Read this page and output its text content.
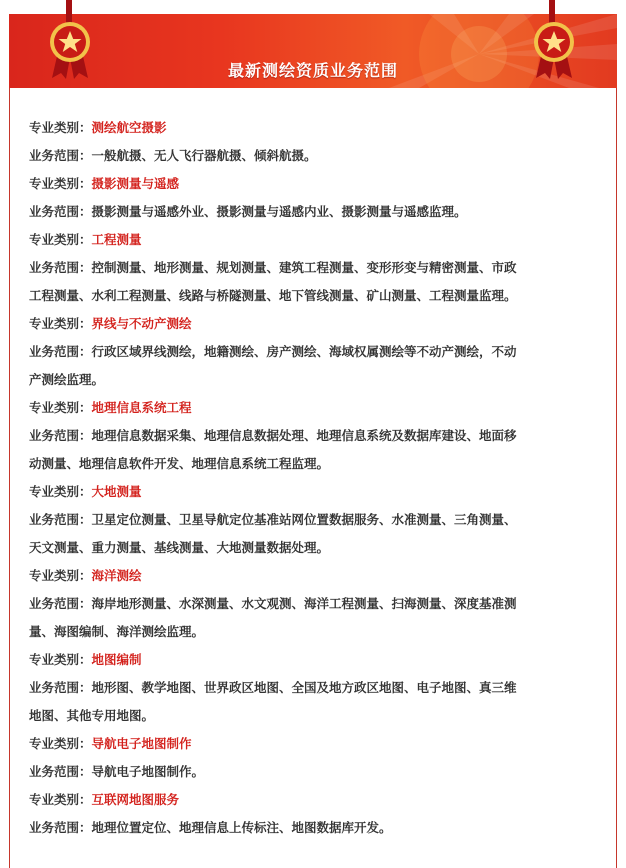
最新测绘资质业务范围
专业类别：测绘航空摄影
业务范围：一般航摄、无人飞行器航摄、倾斜航摄。
专业类别：摄影测量与遥感
业务范围：摄影测量与遥感外业、摄影测量与遥感内业、摄影测量与遥感监理。
专业类别：工程测量
业务范围：控制测量、地形测量、规划测量、建筑工程测量、变形形变与精密测量、市政
工程测量、水利工程测量、线路与桥隧测量、地下管线测量、矿山测量、工程测量监理。
专业类别：界线与不动产测绘
业务范围：行政区域界线测绘，地籍测绘、房产测绘、海域权属测绘等不动产测绘，不动
产测绘监理。
专业类别：地理信息系统工程
业务范围：地理信息数据采集、地理信息数据处理、地理信息系统及数据库建设、地面移
动测量、地理信息软件开发、地理信息系统工程监理。
专业类别：大地测量
业务范围：卫星定位测量、卫星导航定位基准站网位置数据服务、水准测量、三角测量、
天文测量、重力测量、基线测量、大地测量数据处理。
专业类别：海洋测绘
业务范围：海岸地形测量、水深测量、水文观测、海洋工程测量、扫海测量、深度基准测
量、海图编制、海洋测绘监理。
专业类别：地图编制
业务范围：地形图、教学地图、世界政区地图、全国及地方政区地图、电子地图、真三维
地图、其他专用地图。
专业类别：导航电子地图制作
业务范围：导航电子地图制作。
专业类别：互联网地图服务
业务范围：地理位置定位、地理信息上传标注、地图数据库开发。
